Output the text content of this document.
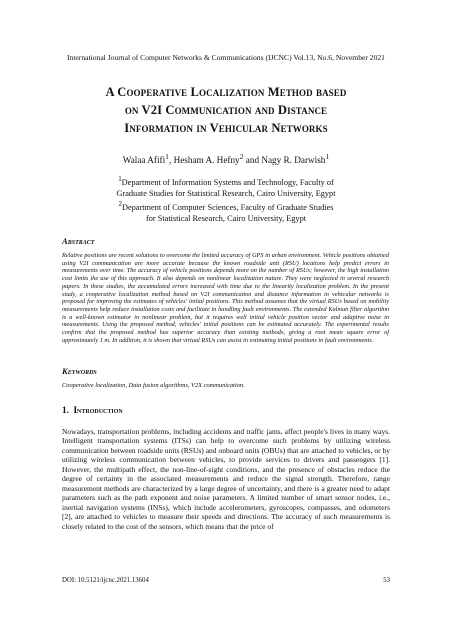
International Journal of Computer Networks & Communications (IJCNC) Vol.13, No.6, November 2021
A Cooperative Localization Method based
on V2I Communication and Distance
Information in Vehicular Networks
Walaa Afifi$^1$, Hesham A. Hefny$^2$ and Nagy R. Darwish$^1$
$^1$Department of Information Systems and Technology, Faculty of
Graduate Studies for Statistical Research, Cairo University, Egypt
$^2$Department of Computer Sciences, Faculty of Graduate Studies
for Statistical Research, Cairo University, Egypt
Abstract
Relative positions are recent solutions to overcome the limited accuracy of GPS in urban environment. Vehicle positions obtained using V2I communication are more accurate because the known roadside unit (RSU) locations help predict errors in measurements over time. The accuracy of vehicle positions depends more on the number of RSUs; however, the high installation cost limits the use of this approach. It also depends on nonlinear localization nature. They were neglected in several research papers. In these studies, the accumulated errors increased with time due to the linearity localization problem. In the present study, a cooperative localization method based on V2I communication and distance information in vehicular networks is proposed for improving the estimates of vehicles' initial positions. This method assumes that the virtual RSUs based on mobility measurements help reduce installation costs and facilitate in handling fault environments. The extended Kalman filter algorithm is a well-known estimator in nonlinear problem, but it requires well initial vehicle position vector and adaptive noise in measurements. Using the proposed method, vehicles' initial positions can be estimated accurately. The experimental results confirm that the proposed method has superior accuracy than existing methods, giving a root mean square error of approximately 1 m. In addition, it is shown that virtual RSUs can assist in estimating initial positions in fault environments.
Keywords
Cooperative localization, Data fusion algorithms, V2X communication.
1. Introduction
Nowadays, transportation problems, including accidents and traffic jams, affect people's lives in many ways. Intelligent transportation systems (ITSs) can help to overcome such problems by utilizing wireless communication between roadside units (RSUs) and onboard units (OBUs) that are attached to vehicles, or by utilizing wireless communication between vehicles, to provide services to drivers and passengers [1]. However, the multipath effect, the non-line-of-sight conditions, and the presence of obstacles reduce the degree of certainty in the associated measurements and reduce the signal strength. Therefore, range measurement methods are characterized by a large degree of uncertainty, and there is a greater need to adapt parameters such as the path exponent and noise parameters. A limited number of smart sensor nodes, i.e., inertial navigation systems (INSs), which include accelerometers, gyroscopes, compasses, and odometers [2], are attached to vehicles to measure their speeds and directions. The accuracy of such measurements is closely related to the cost of the sensors, which means that the price of
DOI: 10.5121/ijcnc.2021.13604	53
